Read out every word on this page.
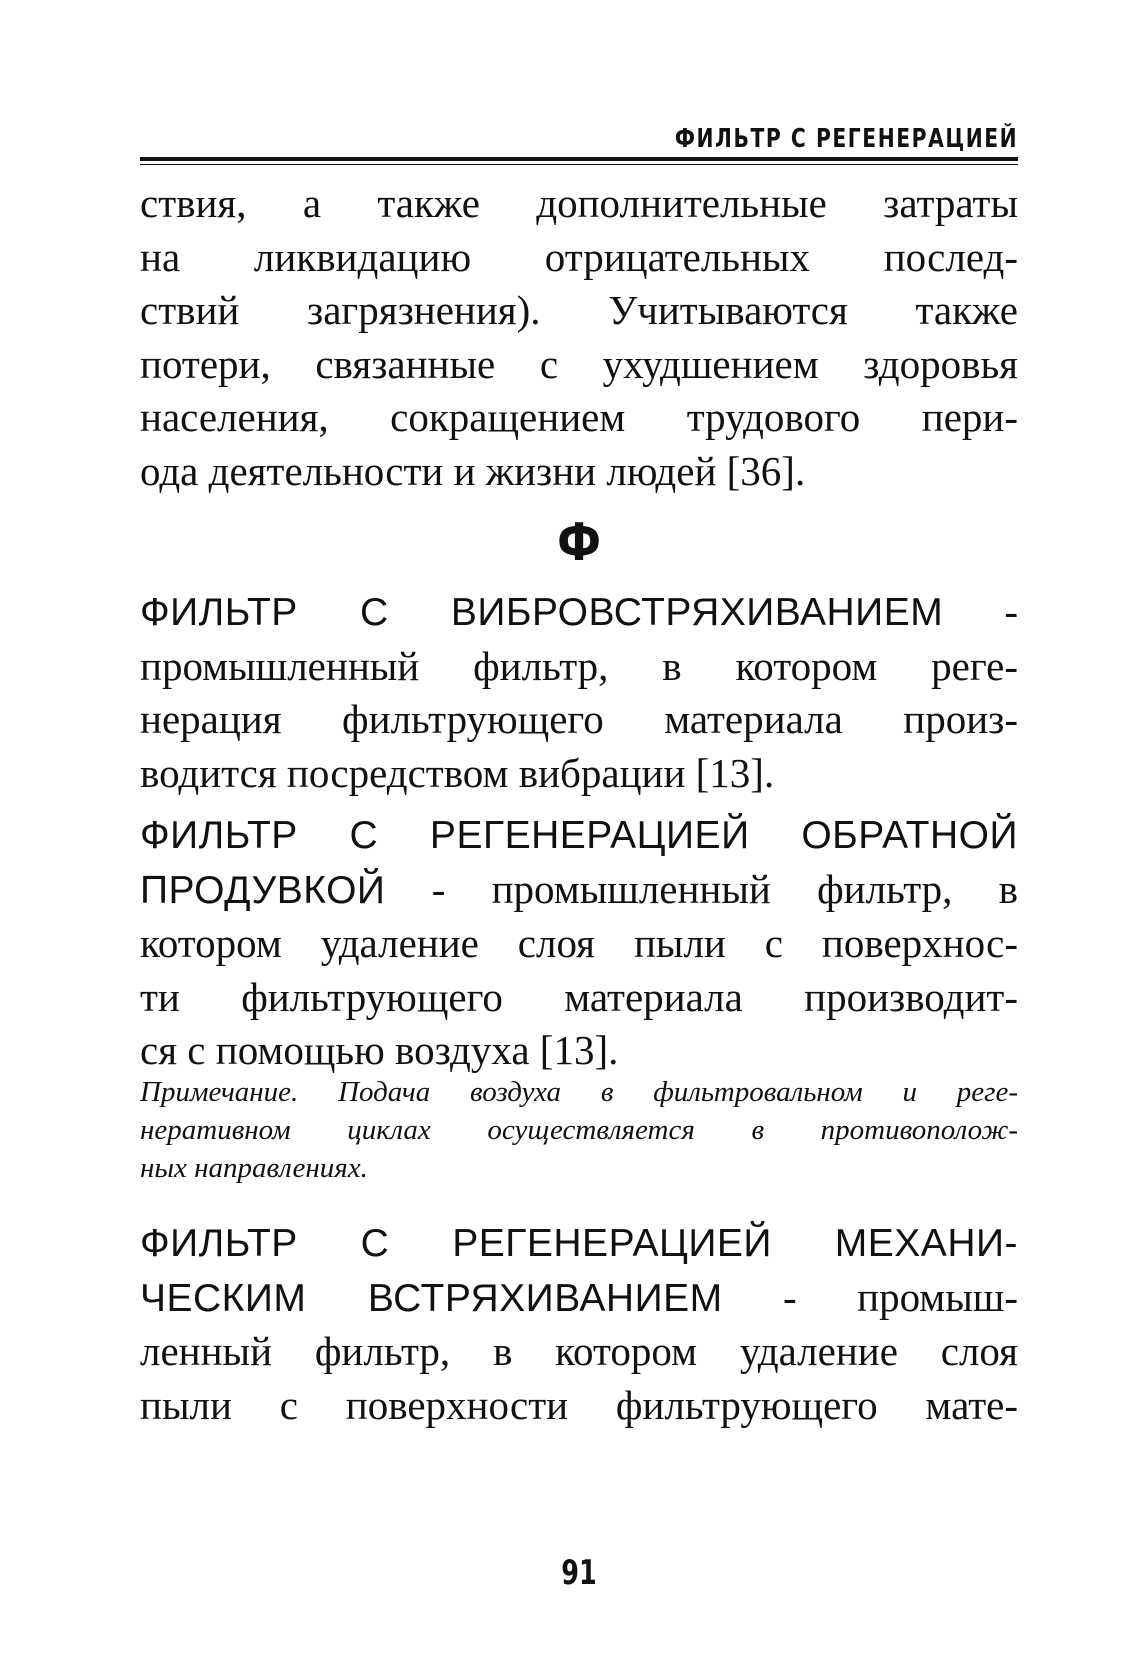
ФИЛЬТР С РЕГЕНЕРАЦИЕЙ
ствия, а также дополнительные затраты
на ликвидацию отрицательных послед-
ствий загрязнения). Учитываются также
потери, связанные с ухудшением здоровья
населения, сокращением трудового пери-
ода деятельности и жизни людей [36].
Ф
ФИЛЬТР С ВИБРОВСТРЯХИВАНИЕМ -
промышленный фильтр, в котором реге-
нерация фильтрующего материала произ-
водится посредством вибрации [13].
ФИЛЬТР С РЕГЕНЕРАЦИЕЙ ОБРАТНОЙ
ПРОДУВКОЙ - промышленный фильтр, в
котором удаление слоя пыли с поверхнос-
ти фильтрующего материала производит-
ся с помощью воздуха [13].
Примечание. Подача воздуха в фильтровальном и реге-
неративном циклах осуществляется в противополож-
ных направлениях.
ФИЛЬТР С РЕГЕНЕРАЦИЕЙ МЕХАНИ-
ЧЕСКИМ ВСТРЯХИВАНИЕМ - промыш-
ленный фильтр, в котором удаление слоя
пыли с поверхности фильтрующего мате-
91
